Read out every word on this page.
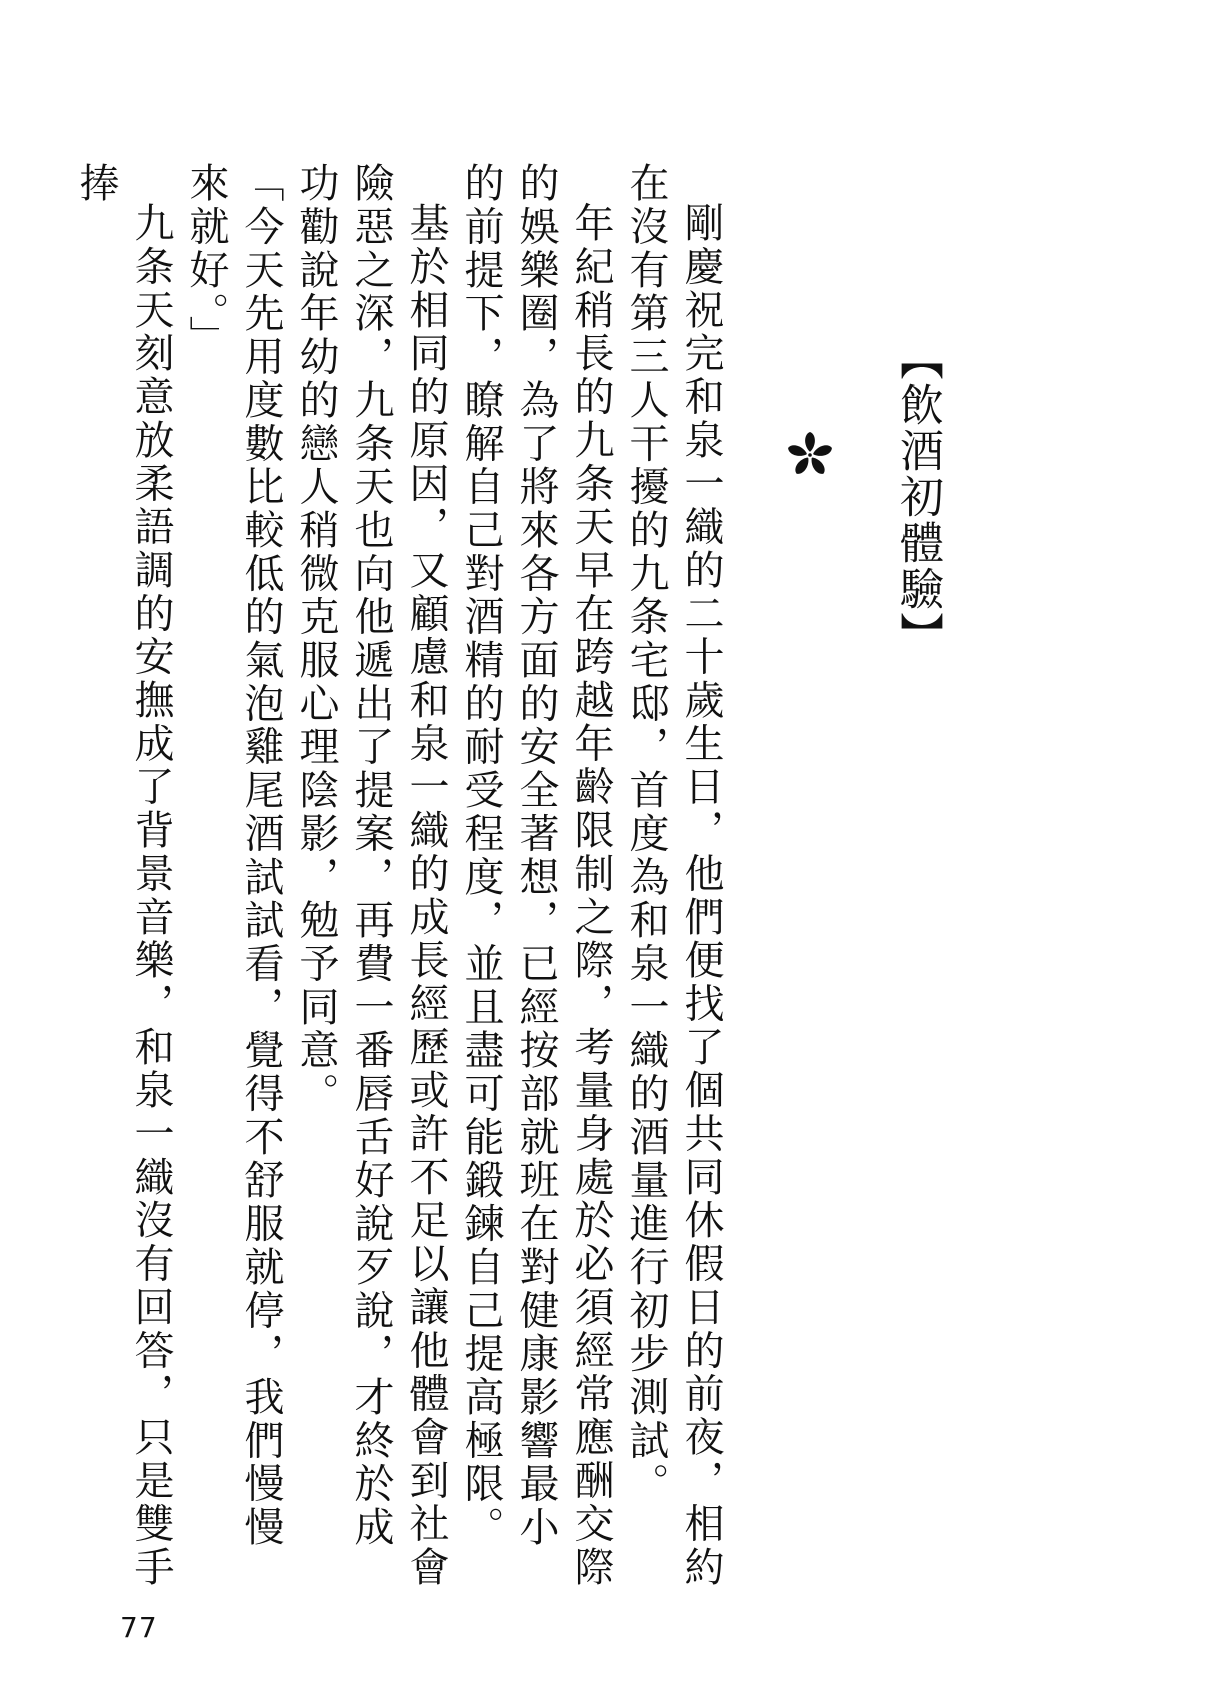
【飲酒初體驗】

剛慶祝完和泉一織的二十歲生日，他們便找了個共同休假日的前夜，相約在沒有第三人干擾的九条宅邸，首度為和泉一織的酒量進行初步測試。

年紀稍長的九条天早在跨越年齡限制之際，考量身處於必須經常應酬交際的娛樂圈，為了將來各方面的安全著想，已經按部就班在對健康影響最小的前提下，瞭解自己對酒精的耐受程度，並且盡可能鍛鍊自己提高極限。

基於相同的原因，又顧慮和泉一織的成長經歷或許不足以讓他體會到社會險惡之深，九条天也向他遞出了提案，再費一番唇舌好說歹說，才終於成功勸說年幼的戀人稍微克服心理陰影，勉予同意。

「今天先用度數比較低的氣泡雞尾酒試試看，覺得不舒服就停，我們慢慢來就好。」

九条天刻意放柔語調的安撫成了背景音樂，和泉一織沒有回答，只是雙手捧

77
